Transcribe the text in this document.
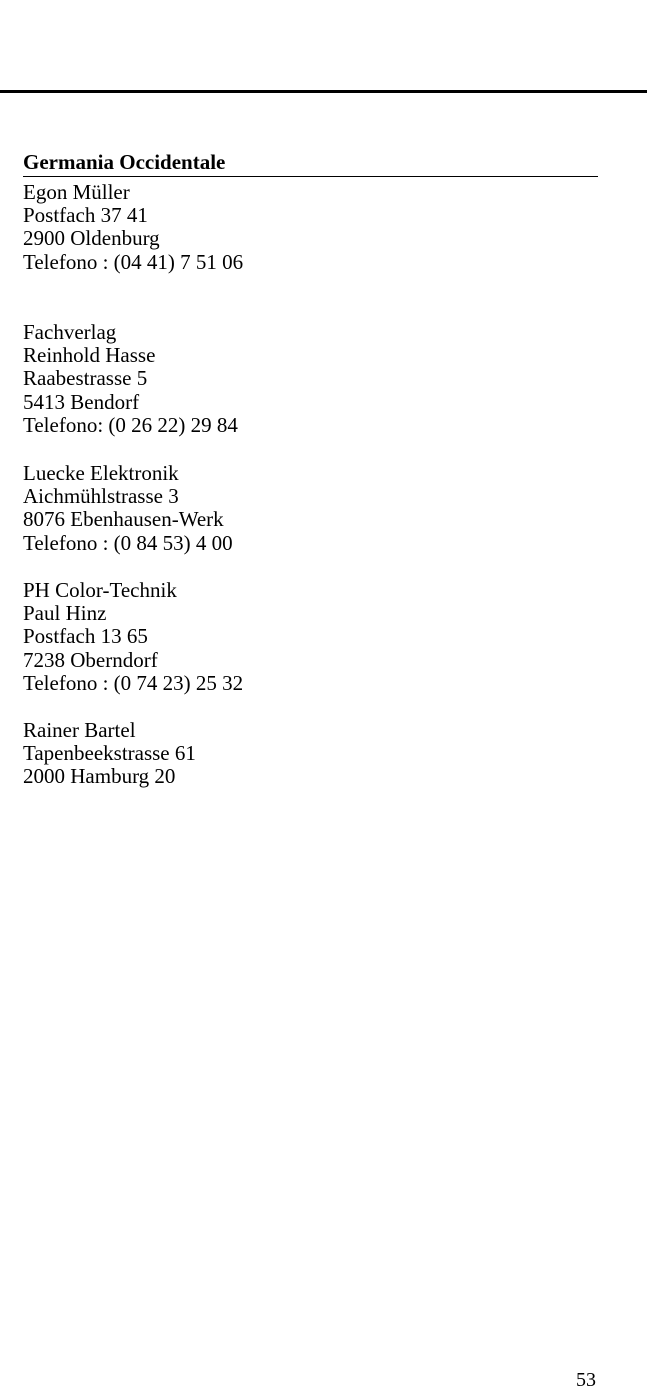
Germania Occidentale
Egon Müller
Postfach 37 41
2900 Oldenburg
Telefono : (04 41) 7 51 06
Fachverlag
Reinhold Hasse
Raabestrasse 5
5413 Bendorf
Telefono: (0 26 22) 29 84
Luecke Elektronik
Aichmühlstrasse 3
8076 Ebenhausen-Werk
Telefono : (0 84 53) 4 00
PH Color-Technik
Paul Hinz
Postfach 13 65
7238 Oberndorf
Telefono : (0 74 23) 25 32
Rainer Bartel
Tapenbeekstrasse 61
2000 Hamburg 20
53
